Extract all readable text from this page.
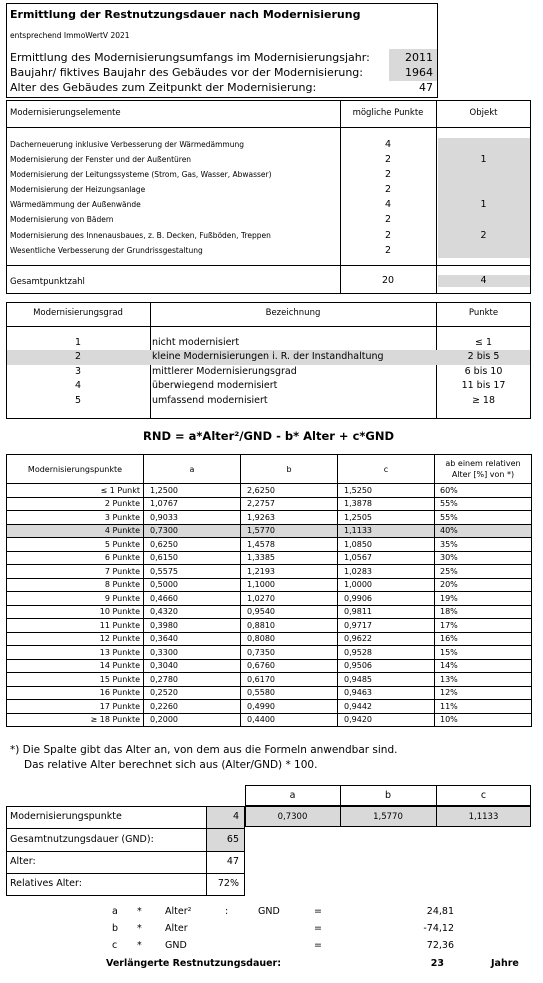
Ermittlung der Restnutzungsdauer nach Modernisierung
entsprechend ImmoWertV 2021
Ermittlung des Modernisierungsumfangs im Modernisierungsjahr:	2011
Baujahr/ fiktives Baujahr des Gebäudes vor der Modernisierung:	1964
Alter des Gebäudes zum Zeitpunkt der Modernisierung:	47
Modernisierungselemente	mögliche Punkte	Objekt
Dacherneuerung inklusive Verbesserung der Wärmedämmung	4
Modernisierung der Fenster und der Außentüren	2	1
Modernisierung der Leitungssysteme (Strom, Gas, Wasser, Abwasser)	2
Modernisierung der Heizungsanlage	2
Wärmedämmung der Außenwände	4	1
Modernisierung von Bädern	2
Modernisierung des Innenausbaues, z. B. Decken, Fußböden, Treppen	2	2
Wesentliche Verbesserung der Grundrissgestaltung	2
Gesamtpunktzahl	20	4
Modernisierungsgrad	Bezeichnung	Punkte
1	nicht modernisiert	≤ 1
2	kleine Modernisierungen i. R. der Instandhaltung	2 bis 5
3	mittlerer Modernisierungsgrad	6 bis 10
4	überwiegend modernisiert	11 bis 17
5	umfassend modernisiert	≥ 18
RND = a*Alter²/GND - b* Alter + c*GND
Modernisierungspunkte	a	b	c	ab einem relativen Alter [%] von *)
≤ 1 Punkt	1,2500	2,6250	1,5250	60%
2 Punkte	1,0767	2,2757	1,3878	55%
3 Punkte	0,9033	1,9263	1,2505	55%
4 Punkte	0,7300	1,5770	1,1133	40%
5 Punkte	0,6250	1,4578	1,0850	35%
6 Punkte	0,6150	1,3385	1,0567	30%
7 Punkte	0,5575	1,2193	1,0283	25%
8 Punkte	0,5000	1,1000	1,0000	20%
9 Punkte	0,4660	1,0270	0,9906	19%
10 Punkte	0,4320	0,9540	0,9811	18%
11 Punkte	0,3980	0,8810	0,9717	17%
12 Punkte	0,3640	0,8080	0,9622	16%
13 Punkte	0,3300	0,7350	0,9528	15%
14 Punkte	0,3040	0,6760	0,9506	14%
15 Punkte	0,2780	0,6170	0,9485	13%
16 Punkte	0,2520	0,5580	0,9463	12%
17 Punkte	0,2260	0,4990	0,9442	11%
≥ 18 Punkte	0,2000	0,4400	0,9420	10%
*) Die Spalte gibt das Alter an, von dem aus die Formeln anwendbar sind.
Das relative Alter berechnet sich aus (Alter/GND) * 100.
a	b	c
0,7300	1,5770	1,1133
Modernisierungspunkte	4
Gesamtnutzungsdauer (GND):	65
Alter:	47
Relatives Alter:	72%
a * Alter²	:	GND	=	24,81
b * Alter	=	-74,12
c * GND	=	72,36
Verlängerte Restnutzungsdauer:	23	Jahre
